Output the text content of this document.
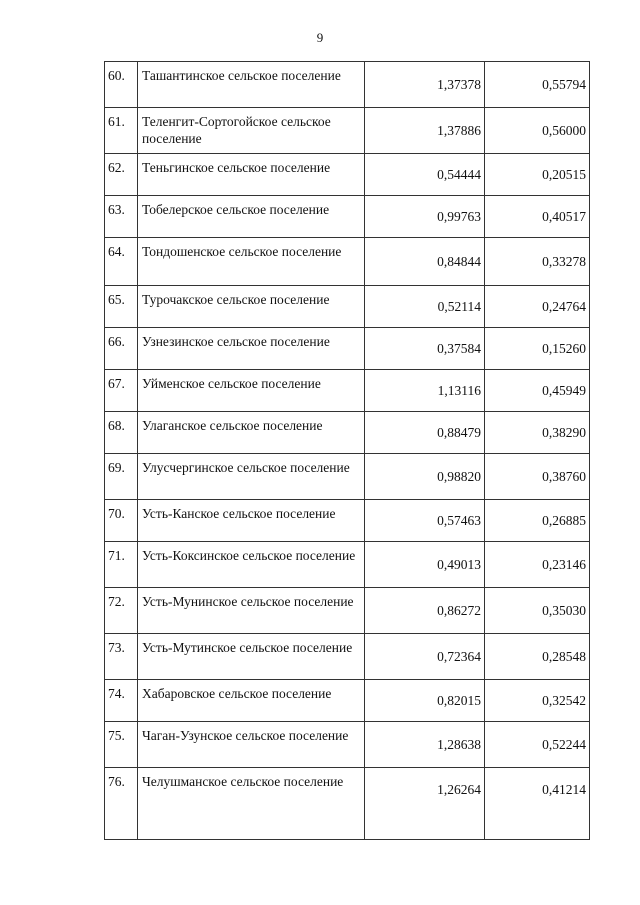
9
60.	Ташантинское сельское поселение	1,37378	0,55794
61.	Теленгит-Сортогойское сельское поселение	1,37886	0,56000
62.	Теньгинское сельское поселение	0,54444	0,20515
63.	Тобелерское сельское поселение	0,99763	0,40517
64.	Тондошенское сельское поселение	0,84844	0,33278
65.	Турочакское сельское поселение	0,52114	0,24764
66.	Узнезинское сельское поселение	0,37584	0,15260
67.	Уйменское сельское поселение	1,13116	0,45949
68.	Улаганское сельское поселение	0,88479	0,38290
69.	Улусчергинское сельское поселение	0,98820	0,38760
70.	Усть-Канское сельское поселение	0,57463	0,26885
71.	Усть-Коксинское сельское поселение	0,49013	0,23146
72.	Усть-Мунинское сельское поселение	0,86272	0,35030
73.	Усть-Мутинское сельское поселение	0,72364	0,28548
74.	Хабаровское сельское поселение	0,82015	0,32542
75.	Чаган-Узунское сельское поселение	1,28638	0,52244
76.	Челушманское сельское поселение	1,26264	0,41214
